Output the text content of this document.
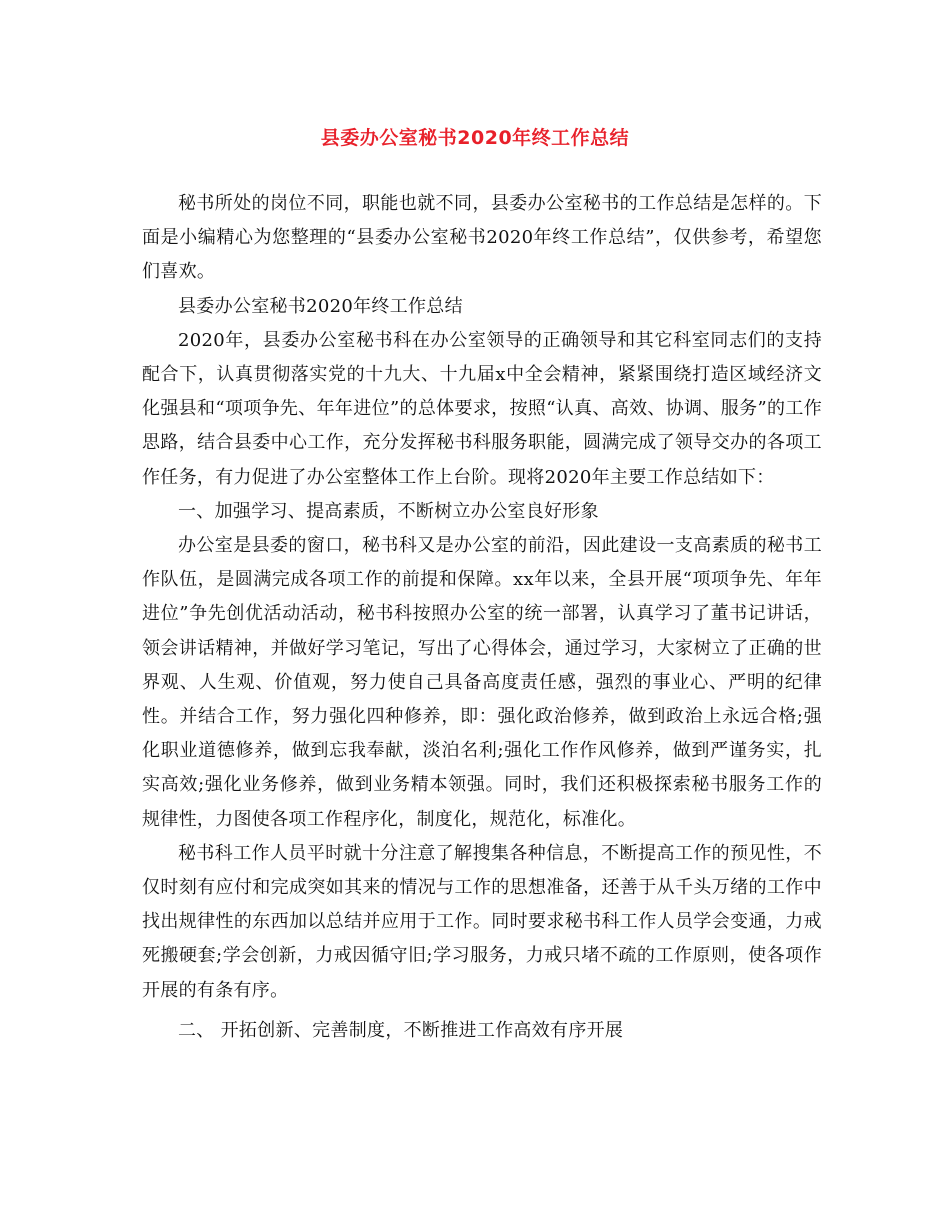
县委办公室秘书2020年终工作总结

秘书所处的岗位不同，职能也就不同，县委办公室秘书的工作总结是怎样的。下面是小编精心为您整理的“县委办公室秘书2020年终工作总结”，仅供参考，希望您们喜欢。

县委办公室秘书2020年终工作总结

2020年，县委办公室秘书科在办公室领导的正确领导和其它科室同志们的支持配合下，认真贯彻落实党的十九大、十九届x中全会精神，紧紧围绕打造区域经济文化强县和“项项争先、年年进位”的总体要求，按照“认真、高效、协调、服务”的工作思路，结合县委中心工作，充分发挥秘书科服务职能，圆满完成了领导交办的各项工作任务，有力促进了办公室整体工作上台阶。现将2020年主要工作总结如下：

一、加强学习、提高素质，不断树立办公室良好形象

办公室是县委的窗口，秘书科又是办公室的前沿，因此建设一支高素质的秘书工作队伍，是圆满完成各项工作的前提和保障。xx年以来，全县开展“项项争先、年年进位”争先创优活动活动，秘书科按照办公室的统一部署，认真学习了董书记讲话，领会讲话精神，并做好学习笔记，写出了心得体会，通过学习，大家树立了正确的世界观、人生观、价值观，努力使自己具备高度责任感，强烈的事业心、严明的纪律性。并结合工作，努力强化四种修养，即：强化政治修养，做到政治上永远合格;强化职业道德修养，做到忘我奉献，淡泊名利;强化工作作风修养，做到严谨务实，扎实高效;强化业务修养，做到业务精本领强。同时，我们还积极探索秘书服务工作的规律性，力图使各项工作程序化，制度化，规范化，标准化。

秘书科工作人员平时就十分注意了解搜集各种信息，不断提高工作的预见性，不仅时刻有应付和完成突如其来的情况与工作的思想准备，还善于从千头万绪的工作中找出规律性的东西加以总结并应用于工作。同时要求秘书科工作人员学会变通，力戒死搬硬套;学会创新，力戒因循守旧;学习服务，力戒只堵不疏的工作原则，使各项作开展的有条有序。

二、 开拓创新、完善制度，不断推进工作高效有序开展
